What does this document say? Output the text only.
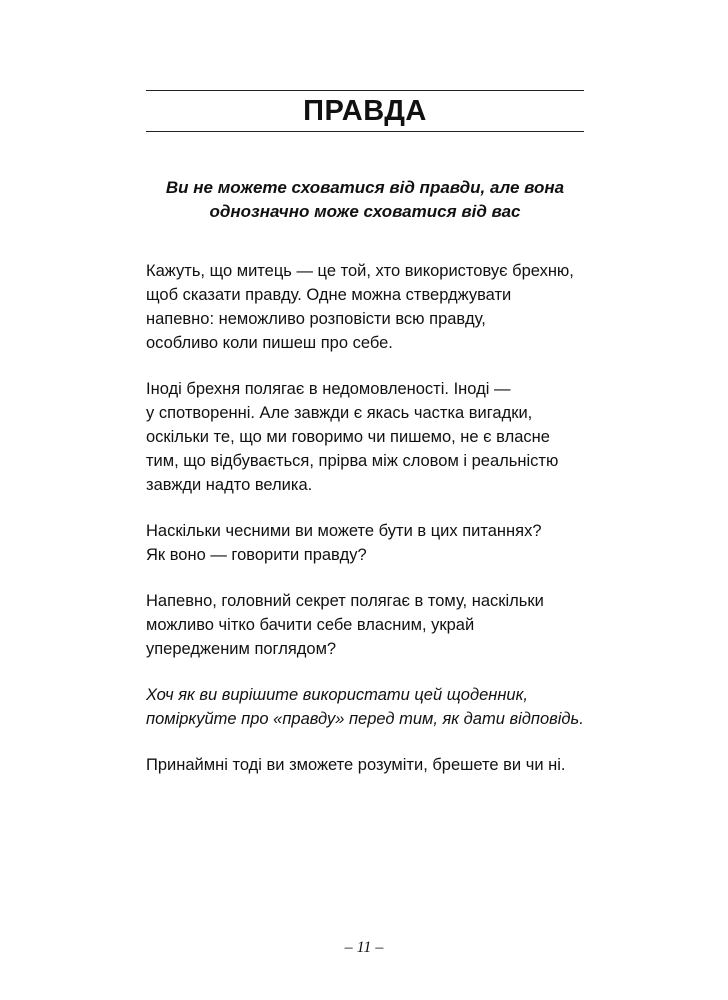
ПРАВДА
Ви не можете сховатися від правди, але вона
однозначно може сховатися від вас

Кажуть, що митець — це той, хто використовує брехню,
щоб сказати правду. Одне можна стверджувати
напевно: неможливо розповісти всю правду,
особливо коли пишеш про себе.

Іноді брехня полягає в недомовленості. Іноді —
у спотворенні. Але завжди є якась частка вигадки,
оскільки те, що ми говоримо чи пишемо, не є власне
тим, що відбувається, прірва між словом і реальністю
завжди надто велика.

Наскільки чесними ви можете бути в цих питаннях?
Як воно — говорити правду?

Напевно, головний секрет полягає в тому, наскільки
можливо чітко бачити себе власним, украй
упередженим поглядом?

Хоч як ви вирішите використати цей щоденник,
поміркуйте про «правду» перед тим, як дати відповідь.

Принаймні тоді ви зможете розуміти, брешете ви чи ні.

– 11 –
